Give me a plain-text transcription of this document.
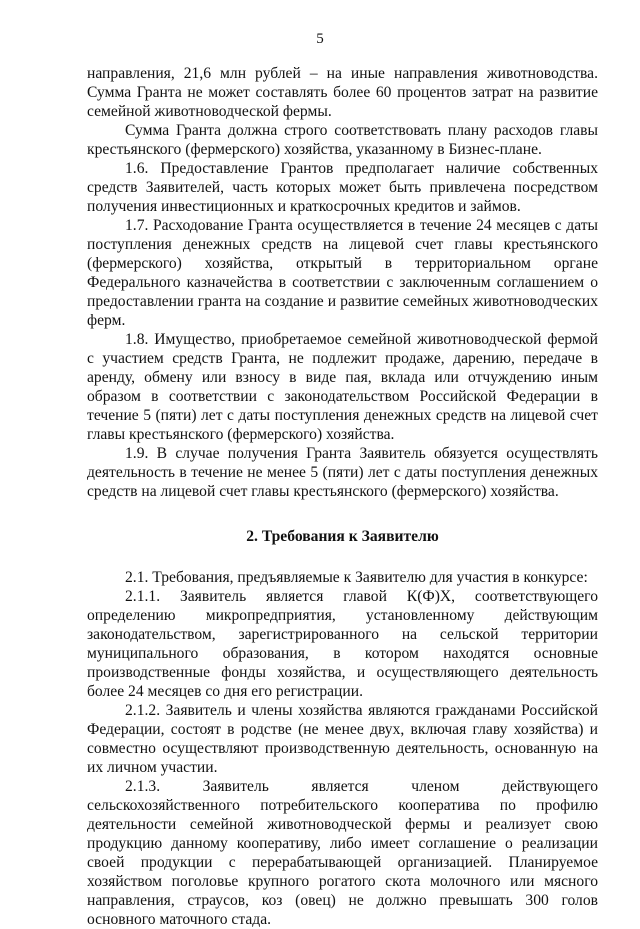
5

направления, 21,6 млн рублей – на иные направления животноводства. Сумма Гранта не может составлять более 60 процентов затрат на развитие семейной животноводческой фермы.

Сумма Гранта должна строго соответствовать плану расходов главы крестьянского (фермерского) хозяйства, указанному в Бизнес-плане.

1.6. Предоставление Грантов предполагает наличие собственных средств Заявителей, часть которых может быть привлечена посредством получения инвестиционных и краткосрочных кредитов и займов.

1.7. Расходование Гранта осуществляется в течение 24 месяцев с даты поступления денежных средств на лицевой счет главы крестьянского (фермерского) хозяйства, открытый в территориальном органе Федерального казначейства в соответствии с заключенным соглашением о предоставлении гранта на создание и развитие семейных животноводческих ферм.

1.8. Имущество, приобретаемое семейной животноводческой фермой с участием средств Гранта, не подлежит продаже, дарению, передаче в аренду, обмену или взносу в виде пая, вклада или отчуждению иным образом в соответствии с законодательством Российской Федерации в течение 5 (пяти) лет с даты поступления денежных средств на лицевой счет главы крестьянского (фермерского) хозяйства.

1.9. В случае получения Гранта Заявитель обязуется осуществлять деятельность в течение не менее 5 (пяти) лет с даты поступления денежных средств на лицевой счет главы крестьянского (фермерского) хозяйства.

2. Требования к Заявителю

2.1. Требования, предъявляемые к Заявителю для участия в конкурсе:

2.1.1. Заявитель является главой К(Ф)Х, соответствующего определению микропредприятия, установленному действующим законодательством, зарегистрированного на сельской территории муниципального образования, в котором находятся основные производственные фонды хозяйства, и осуществляющего деятельность более 24 месяцев со дня его регистрации.

2.1.2. Заявитель и члены хозяйства являются гражданами Российской Федерации, состоят в родстве (не менее двух, включая главу хозяйства) и совместно осуществляют производственную деятельность, основанную на их личном участии.

2.1.3. Заявитель является членом действующего сельскохозяйственного потребительского кооператива по профилю деятельности семейной животноводческой фермы и реализует свою продукцию данному кооперативу, либо имеет соглашение о реализации своей продукции с перерабатывающей организацией. Планируемое хозяйством поголовье крупного рогатого скота молочного или мясного направления, страусов, коз (овец) не должно превышать 300 голов основного маточного стада.
